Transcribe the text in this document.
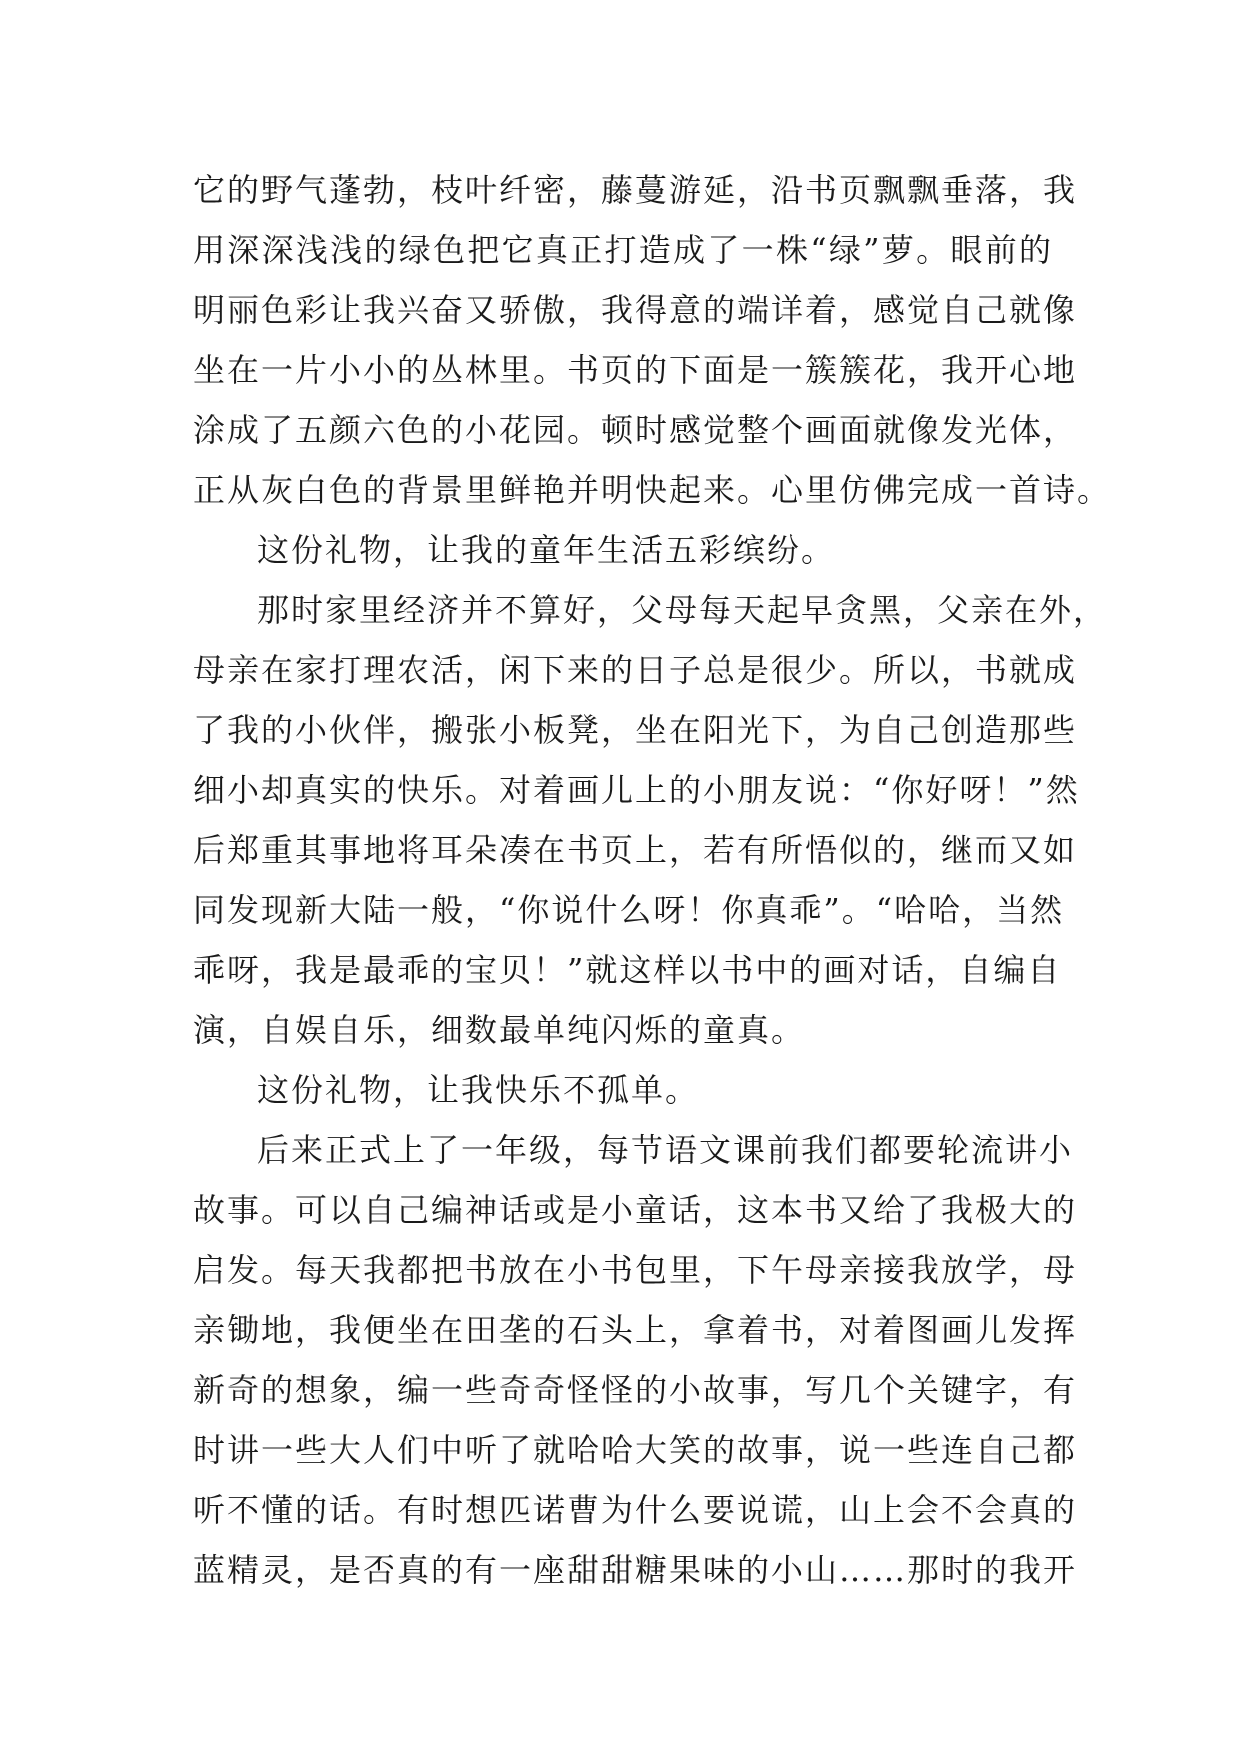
它的野气蓬勃，枝叶纤密，藤蔓游延，沿书页飘飘垂落，我
用深深浅浅的绿色把它真正打造成了一株“绿”萝。眼前的
明丽色彩让我兴奋又骄傲，我得意的端详着，感觉自己就像
坐在一片小小的丛林里。书页的下面是一簇簇花，我开心地
涂成了五颜六色的小花园。顿时感觉整个画面就像发光体，
正从灰白色的背景里鲜艳并明快起来。心里仿佛完成一首诗。
这份礼物，让我的童年生活五彩缤纷。
那时家里经济并不算好，父母每天起早贪黑，父亲在外，
母亲在家打理农活，闲下来的日子总是很少。所以，书就成
了我的小伙伴，搬张小板凳，坐在阳光下，为自己创造那些
细小却真实的快乐。对着画儿上的小朋友说：“你好呀！”然
后郑重其事地将耳朵凑在书页上，若有所悟似的，继而又如
同发现新大陆一般，“你说什么呀！你真乖”。“哈哈，当然
乖呀，我是最乖的宝贝！”就这样以书中的画对话，自编自
演，自娱自乐，细数最单纯闪烁的童真。
这份礼物，让我快乐不孤单。
后来正式上了一年级，每节语文课前我们都要轮流讲小
故事。可以自己编神话或是小童话，这本书又给了我极大的
启发。每天我都把书放在小书包里，下午母亲接我放学，母
亲锄地，我便坐在田垄的石头上，拿着书，对着图画儿发挥
新奇的想象，编一些奇奇怪怪的小故事，写几个关键字，有
时讲一些大人们中听了就哈哈大笑的故事，说一些连自己都
听不懂的话。有时想匹诺曹为什么要说谎，山上会不会真的
蓝精灵，是否真的有一座甜甜糖果味的小山……那时的我开
